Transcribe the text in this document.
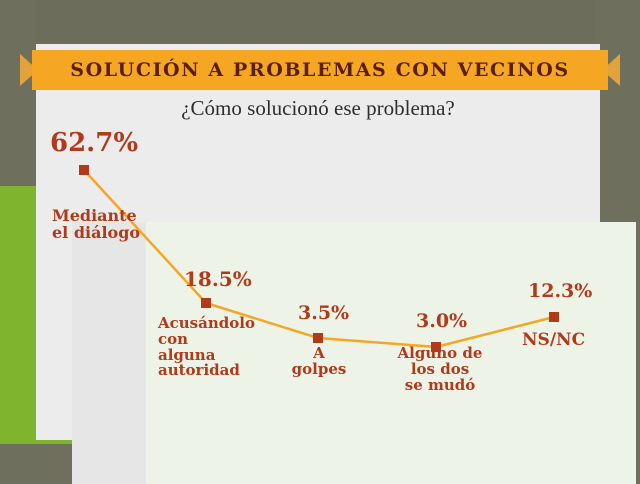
SOLUCIÓN A PROBLEMAS CON VECINOS
¿Cómo solucionó ese problema?
62.7%
18.5%
3.5%	3.0%
12.3%
Mediante
el diálogo
Acusándolo
con
alguna
autoridad
A
golpes
Alguno de
los dos
se mudó
NS/NC
